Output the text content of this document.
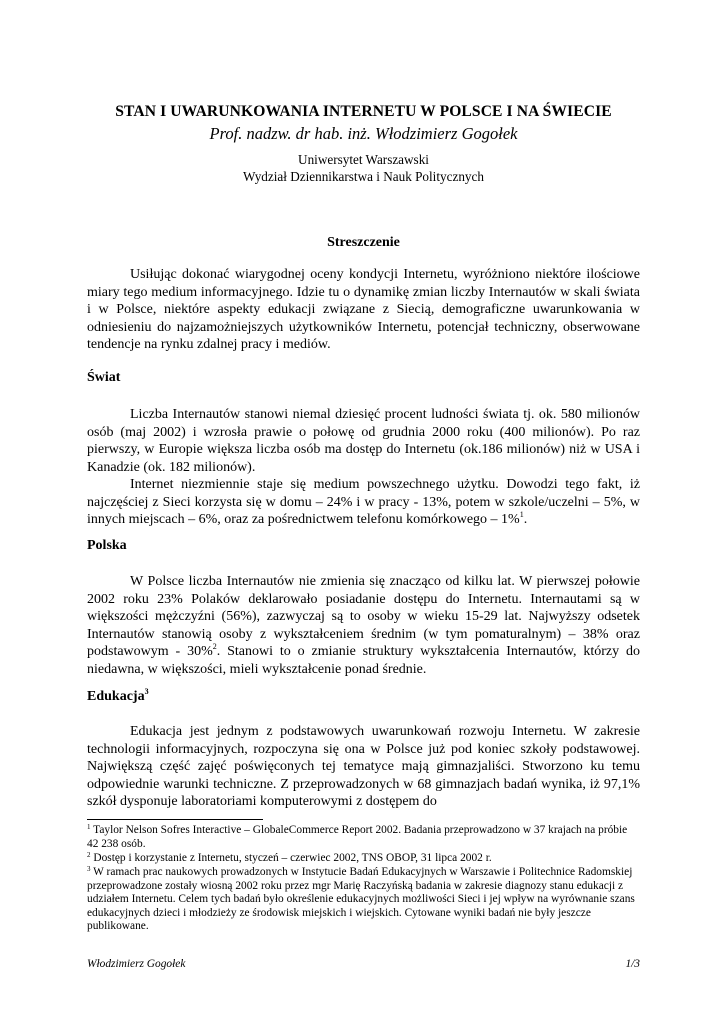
STAN I UWARUNKOWANIA INTERNETU W POLSCE I NA ŚWIECIE
Prof. nadzw. dr hab. inż. Włodzimierz Gogołek
Uniwersytet Warszawski
Wydział Dziennikarstwa i Nauk Politycznych
Streszczenie

Usiłując dokonać wiarygodnej oceny kondycji Internetu, wyróżniono niektóre ilościowe miary tego medium informacyjnego. Idzie tu o dynamikę zmian liczby Internautów w skali świata i w Polsce, niektóre aspekty edukacji związane z Siecią, demograficzne uwarunkowania w odniesieniu do najzamożniejszych użytkowników Internetu, potencjał techniczny, obserwowane tendencje na rynku zdalnej pracy i mediów.

Świat

Liczba Internautów stanowi niemal dziesięć procent ludności świata tj. ok. 580 milionów osób (maj 2002) i wzrosła prawie o połowę od grudnia 2000 roku (400 milionów). Po raz pierwszy, w Europie większa liczba osób ma dostęp do Internetu (ok.186 milionów) niż w USA i Kanadzie (ok. 182 milionów).

Internet niezmiennie staje się medium powszechnego użytku. Dowodzi tego fakt, iż najczęściej z Sieci korzysta się w domu – 24% i w pracy - 13%, potem w szkole/uczelni – 5%, w innych miejscach – 6%, oraz za pośrednictwem telefonu komórkowego – 1%$^1$.

Polska

W Polsce liczba Internautów nie zmienia się znacząco od kilku lat. W pierwszej połowie 2002 roku 23% Polaków deklarowało posiadanie dostępu do Internetu. Internautami są w większości mężczyźni (56%), zazwyczaj są to osoby w wieku 15-29 lat. Najwyższy odsetek Internautów stanowią osoby z wykształceniem średnim (w tym pomaturalnym) – 38% oraz podstawowym - 30%$^2$. Stanowi to o zmianie struktury wykształcenia Internautów, którzy do niedawna, w większości, mieli wykształcenie ponad średnie.

Edukacja$^3$

Edukacja jest jednym z podstawowych uwarunkowań rozwoju Internetu. W zakresie technologii informacyjnych, rozpoczyna się ona w Polsce już pod koniec szkoły podstawowej. Największą część zajęć poświęconych tej tematyce mają gimnazjaliści. Stworzono ku temu odpowiednie warunki techniczne. Z przeprowadzonych w 68 gimnazjach badań wynika, iż 97,1% szkół dysponuje laboratoriami komputerowymi z dostępem do

$^1$ Taylor Nelson Sofres Interactive – GlobaleCommerce Report 2002. Badania przeprowadzono w 37 krajach na próbie 42 238 osób.

$^2$ Dostęp i korzystanie z Internetu, styczeń – czerwiec 2002, TNS OBOP, 31 lipca 2002 r.

$^3$ W ramach prac naukowych prowadzonych w Instytucie Badań Edukacyjnych w Warszawie i Politechnice Radomskiej przeprowadzone zostały wiosną 2002 roku przez mgr Marię Raczyńską badania w zakresie diagnozy stanu edukacji z udziałem Internetu. Celem tych badań było określenie edukacyjnych możliwości Sieci i jej wpływ na wyrównanie szans edukacyjnych dzieci i młodzieży ze środowisk miejskich i wiejskich. Cytowane wyniki badań nie były jeszcze publikowane.

Włodzimierz Gogołek	1/3
